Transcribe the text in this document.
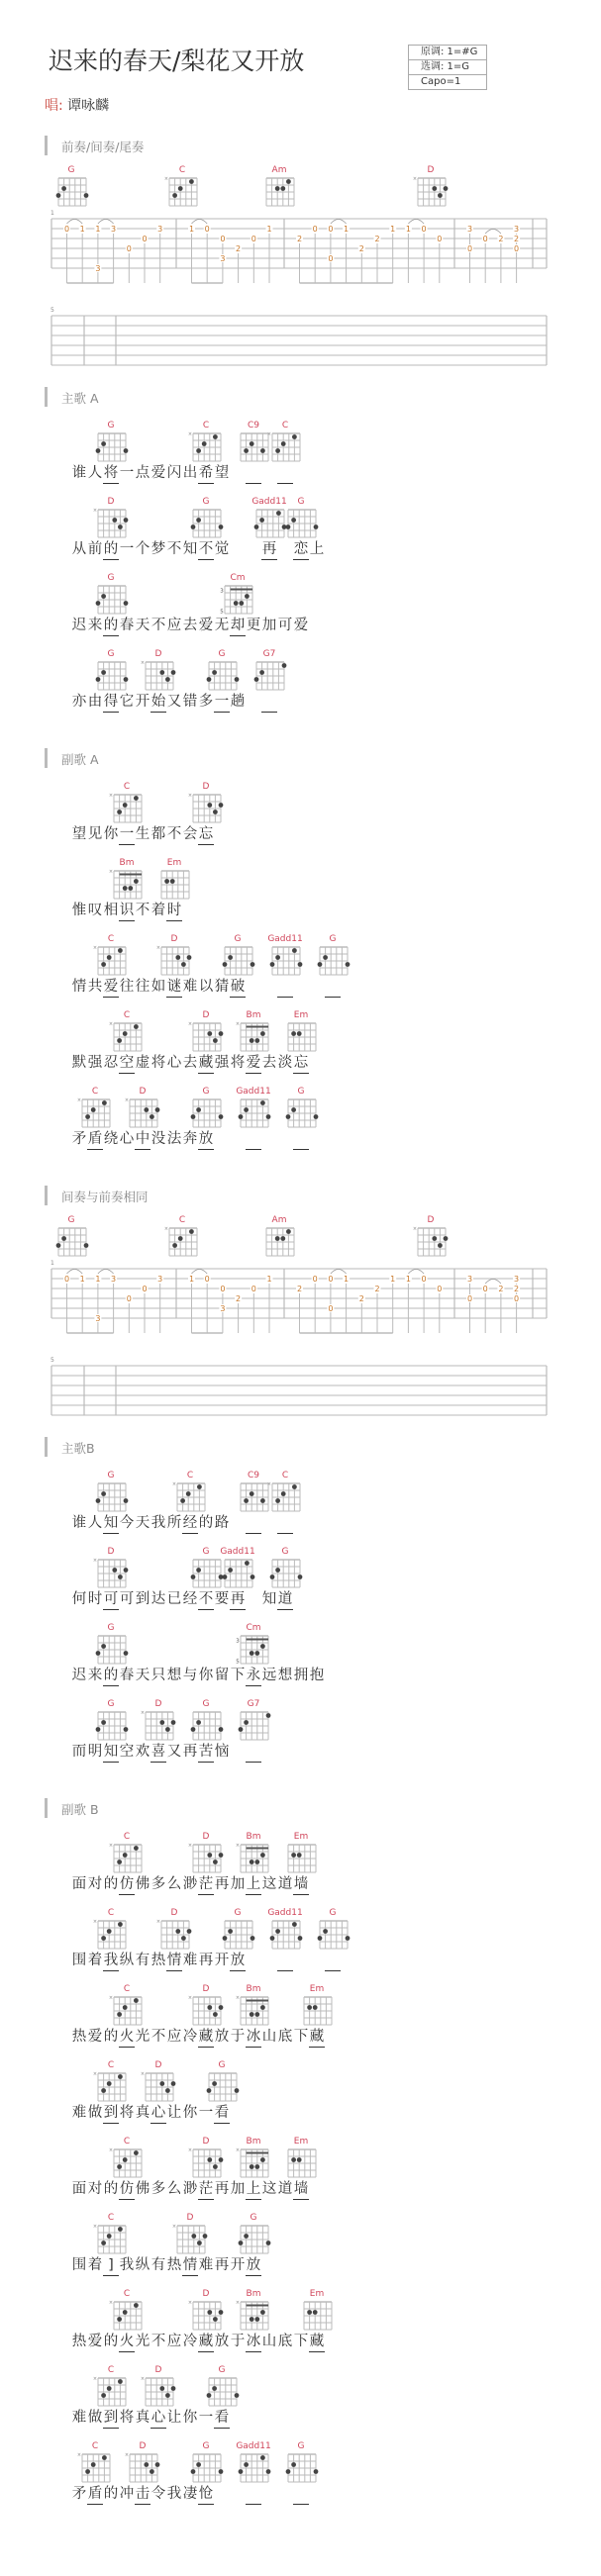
迟来的春天/梨花又开放
唱: 谭咏麟
原调: 1=#G
选调: 1=G
Capo=1
前奏/间奏/尾奏
G	C
×
Am	D
×
1
0 1 1
3
3
0
0
3	1 0
0
3
2
0
1
2
0 0
0
1
2
2
1 1 0
0
3
0
0 2
3
2
0
5
主歌 A
G	C
×
C9	C
×
谁 人 将 一 点 爱 闪 出 希 望
D
×
G	Gadd11	G
从 前 的 一 个 梦 不 知 不 觉 再 恋 上
G	Cm
3
5
迟 来 的 春 天 不 应 去 爱 无 却 更 加 可 爱
G	D
×
G	G7
亦 由 得 它 开 始 又 错 多 一 趟
副歌 A
C
×
D
×
望 见 你 一 生 都 不 会 忘
Bm
×
Em
惟 叹 相 识 不 着 时
C
×
D
×
G	Gadd11	G
情 共 爱 往 往 如 谜 难 以 猜 破
C
×
D
×
Bm
×
Em
默 强 忍 空 虚 将 心 去 藏 强 将 爱 去 淡 忘
C
×
D
×
G	Gadd11	G
矛 盾 绕 心 中 没 法 奔 放
间奏与前奏相同
G	C
×
Am	D
×
1
0 1 1
3
3
0
0
3	1 0
0
3
2
0
1
2
0 0
0
1
2
2
1 1 0
0
3
0
0 2
3
2
0
5
主歌B
G	C
×
C9	C
×
谁 人 知 今 天 我 所 经 的 路
D
×
G	Gadd11	G
何 时 可 可 到 达 已 经 不 要 再 知 道
G	Cm
3
5
迟 来 的 春 天 只 想 与 你 留 下 永 远 想 拥 抱
G	D
×
G	G7
而 明 知 空 欢 喜 又 再 苦 恼
副歌 B
C
×
D
×
Bm
×
Em
面 对 的 仿 佛 多 么 渺 茫 再 加 上 这 道 墙
C
×
D
×
G	Gadd11	G
围 着 我 纵 有 热 情 难 再 开 放
C
×
D
×
Bm
×
Em
热 爱 的 火 光 不 应 冷 藏 放 于 冰 山 底 下 藏
C
×
D
×
G
难 做 到 将 真 心 让 你 一 看
C
×
D
×
Bm
×
Em
面 对 的 仿 佛 多 么 渺 茫 再 加 上 这 道 墙
C
×
D
×
G
围 着 ] 我 纵 有 热 情 难 再 开 放
C
×
D
×
Bm
×
Em
热 爱 的 火 光 不 应 冷 藏 放 于 冰 山 底 下 藏
C
×
D
×
G
难 做 到 将 真 心 让 你 一 看
C
×
D
×
G	Gadd11	G
矛 盾 的 冲 击 令 我 凄 怆
